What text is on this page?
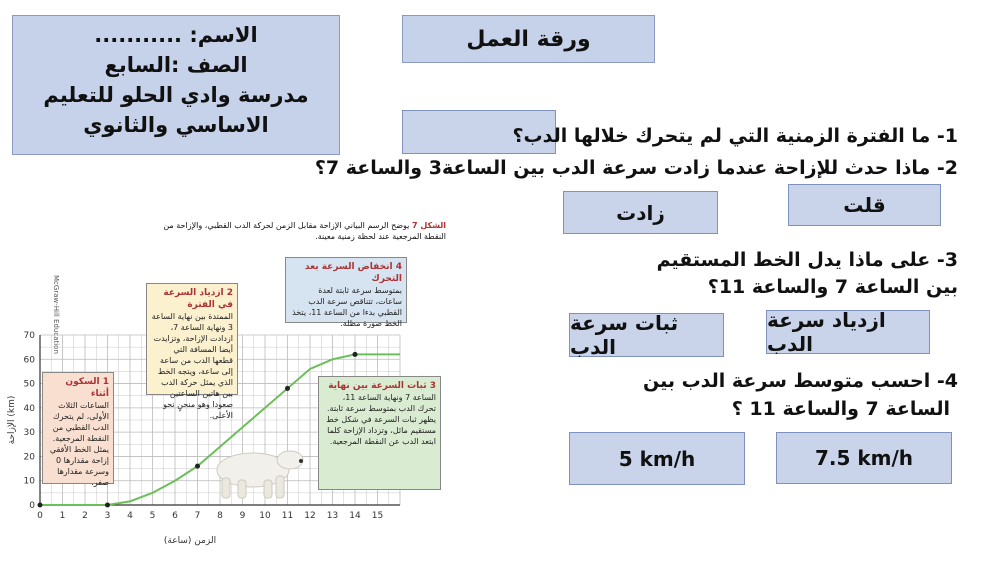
الاسم: ...........
الصف :السابع
مدرسة وادي الحلو للتعليم
الاساسي والثانوي
ورقة العمل
1- ما الفترة الزمنية التي لم يتحرك خلالها الدب؟
2- ماذا حدث للإزاحة عندما زادت سرعة الدب بين الساعة3 والساعة 7؟
قلت
زادت
3- على ماذا يدل الخط المستقيم
بين الساعة 7 والساعة 11؟
ازدياد سرعة الدب
ثبات سرعة الدب
4- احسب متوسط سرعة الدب بين
الساعة 7 والساعة 11 ؟
7.5 km/h
5 km/h
الشكل 7 يوضح الرسم البياني الإزاحة مقابل الزمن لحركة الدب القطبي، والإزاحة من النقطة المرجعية عند لحظة زمنية معينة.
McGraw-Hill Education
0 1 2 3 4 5 6 7 8 9 10 11 12 13 14 15
0
10
20
30
40
50
60
70
الزمن (ساعة)
الإزاحة (km)
1 السكون أثناء
الساعات الثلاث الأولى، لم يتحرك الدب القطبي من النقطة المرجعية. يمثل الخط الأفقي إزاحة مقدارها 0 وسرعة مقدارها صفر.
2 ازدياد السرعة في الفترة
الممتدة بين نهاية الساعة 3 ونهاية الساعة 7، ازدادت الإزاحة، وتزايدت أيضا المسافة التي قطعها الدب من ساعة إلى ساعة، ويتجه الخط الذي يمثل حركة الدب بين هاتين الساعتين صعودا وهو منحنٍ نحو الأعلى.
3 ثبات السرعة بين نهاية
الساعة 7 ونهاية الساعة 11، تحرك الدب بمتوسط سرعة ثابتة. يظهر ثبات السرعة في شكل خط مستقيم مائل، وتزداد الإزاحة كلما ابتعد الدب عن النقطة المرجعية.
4 انخفاض السرعة بعد التحرك
بمتوسط سرعة ثابتة لعدة ساعات، تتناقص سرعة الدب القطبي بدءا من الساعة 11، يتخذ الخط صورة مظلة.
